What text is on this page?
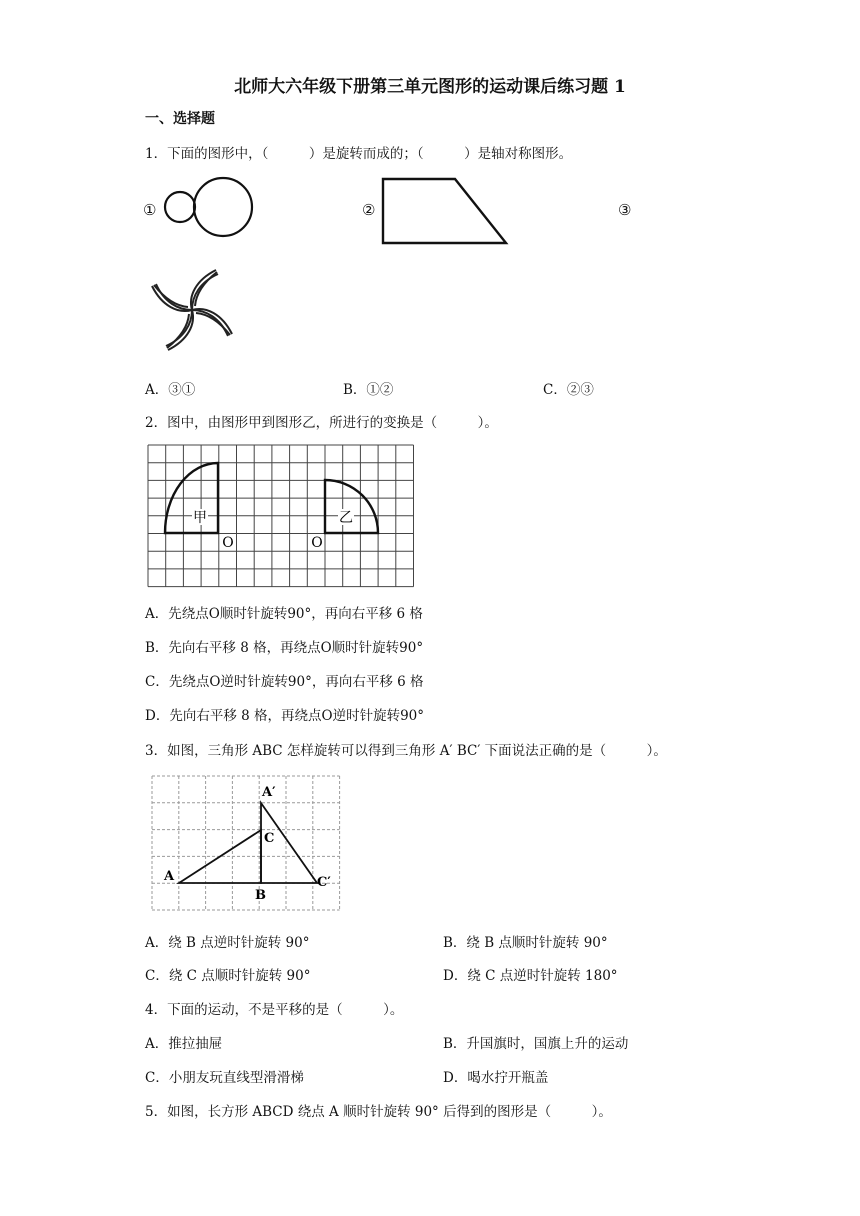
北师大六年级下册第三单元图形的运动课后练习题 1
一、选择题
1．下面的图形中，（　　　）是旋转而成的；（　　　）是轴对称图形。
①	②	③
A．③①	B．①②	C．②③
2．图中，由图形甲到图形乙，所进行的变换是（　　　）。
甲	乙
O	O
A．先绕点O顺时针旋转90°，再向右平移 6 格
B．先向右平移 8 格，再绕点O顺时针旋转90°
C．先绕点O逆时针旋转90°，再向右平移 6 格
D．先向右平移 8 格，再绕点O逆时针旋转90°
3．如图，三角形 ABC 怎样旋转可以得到三角形 A′ BC′ 下面说法正确的是（　　　）。
A
B
C
A′
C′
A．绕 B 点逆时针旋转 90°	B．绕 B 点顺时针旋转 90°
C．绕 C 点顺时针旋转 90°	D．绕 C 点逆时针旋转 180°
4．下面的运动，不是平移的是（　　　）。
A．推拉抽屉	B．升国旗时，国旗上升的运动
C．小朋友玩直线型滑滑梯	D．喝水拧开瓶盖
5．如图，长方形 ABCD 绕点 A 顺时针旋转 90° 后得到的图形是（　　　）。
